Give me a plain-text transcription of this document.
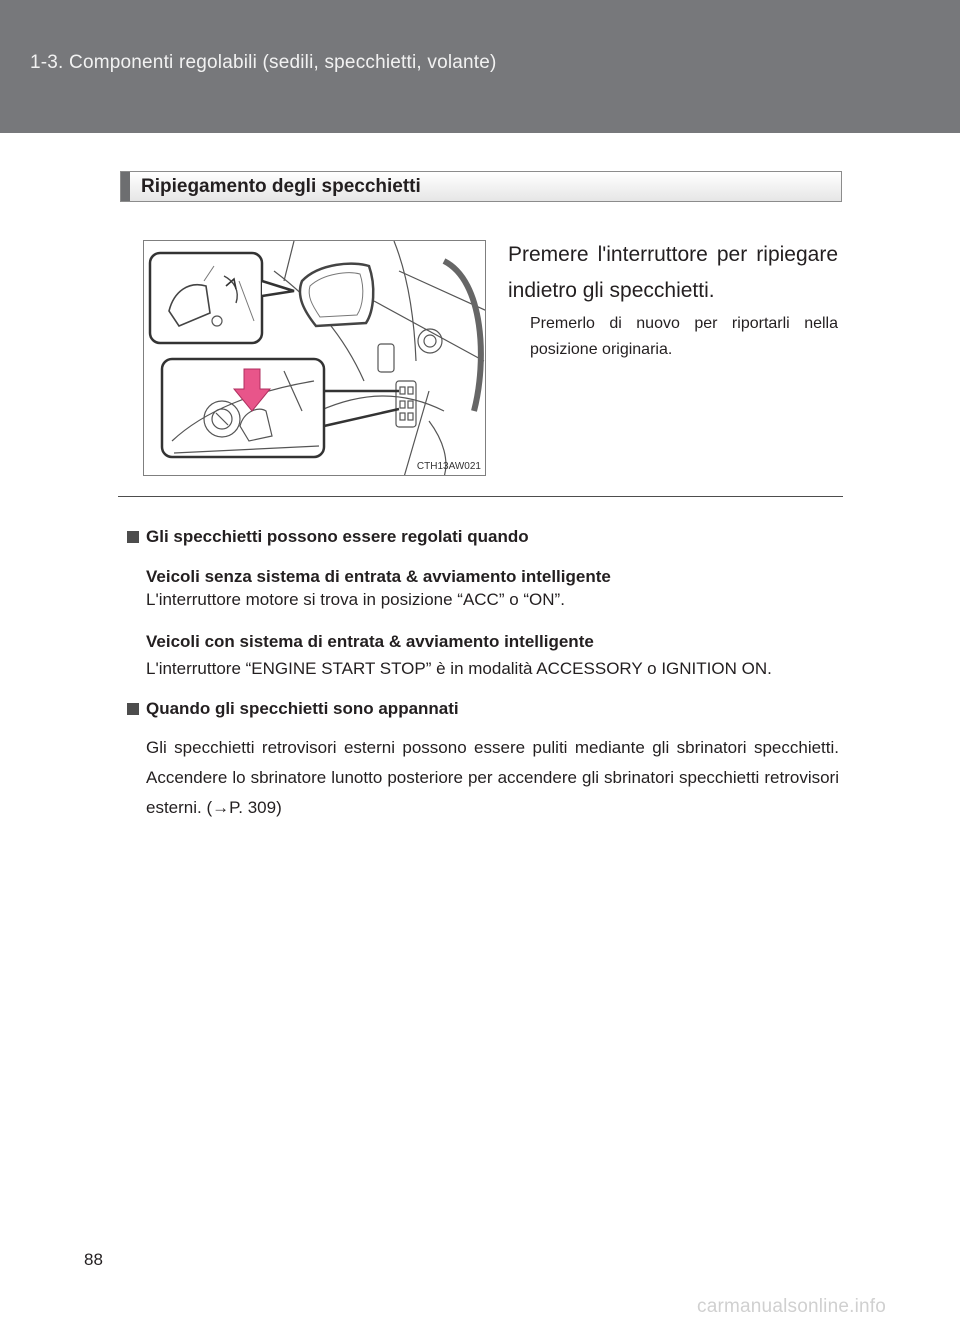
1-3. Componenti regolabili (sedili, specchietti, volante)
Ripiegamento degli specchietti
CTH13AW021
Premere l'interruttore per ripiegare indietro gli specchietti.
Premerlo di nuovo per riportarli nella posizione originaria.
Gli specchietti possono essere regolati quando
Veicoli senza sistema di entrata & avviamento intelligente
L'interruttore motore si trova in posizione “ACC” o “ON”.
Veicoli con sistema di entrata & avviamento intelligente
L'interruttore “ENGINE START STOP” è in modalità ACCESSORY o IGNITION ON.
Quando gli specchietti sono appannati
Gli specchietti retrovisori esterni possono essere puliti mediante gli sbrinatori specchietti. Accendere lo sbrinatore lunotto posteriore per accendere gli sbrinatori specchietti retrovisori esterni. (→P. 309)
88
carmanualsonline.info
